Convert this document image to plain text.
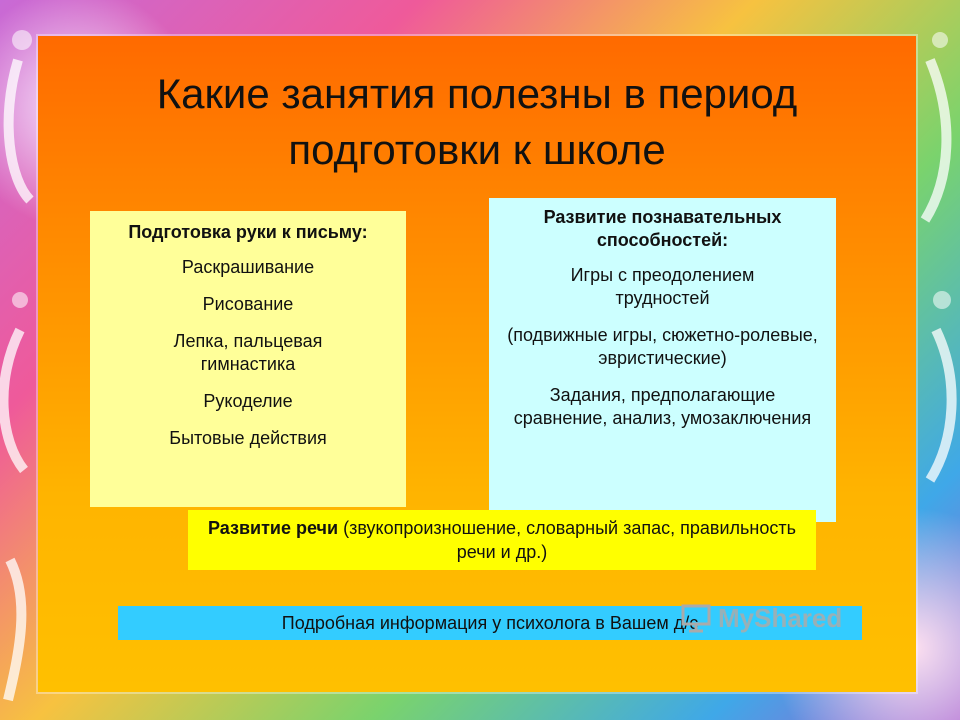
Какие занятия полезны в период
подготовки к школе

Подготовка руки к письму:

Раскрашивание

Рисование

Лепка, пальцевая гимнастика

Рукоделие

Бытовые действия

Развитие познавательных способностей:

Игры с преодолением трудностей

(подвижные игры, сюжетно-ролевые, эвристические)

Задания, предполагающие сравнение, анализ, умозаключения

Развитие речи (звукопроизношение, словарный запас, правильность речи и др.)
Подробная информация у психолога в Вашем д/с MyShared
